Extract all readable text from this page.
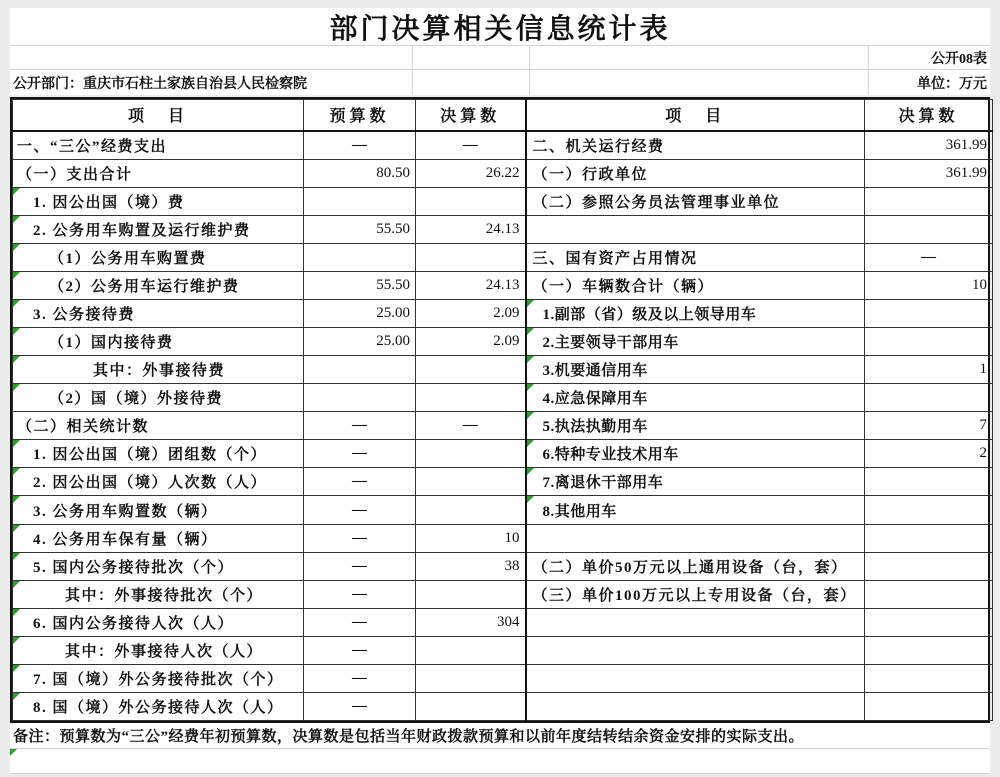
部门决算相关信息统计表
公开08表
公开部门：重庆市石柱土家族自治县人民检察院	单位：万元
项　目	预算数	决算数	项　目	决算数
一、“三公”经费支出	—	—	二、机关运行经费	361.99
（一）支出合计	80.50	26.22	（一）行政单位	361.99

1. 因公出国（境）费			（二）参照公务员法管理事业单位	

2. 公务用车购置及运行维护费	55.50	24.13		

（1）公务用车购置费			三、国有资产占用情况	—

（2）公务用车运行维护费	55.50	24.13	（一）车辆数合计（辆）	10

3. 公务接待费	25.00	2.09	1.副部（省）级及以上领导用车	

（1）国内接待费	25.00	2.09	2.主要领导干部用车	

其中：外事接待费			3.机要通信用车	1

（2）国（境）外接待费			4.应急保障用车	
（二）相关统计数	—	—	5.执法执勤用车	7

1. 因公出国（境）团组数（个）	—		6.特种专业技术用车	2

2. 因公出国（境）人次数（人）	—		7.离退休干部用车	

3. 公务用车购置数（辆）	—		8.其他用车	

4. 公务用车保有量（辆）	—	10		

5. 国内公务接待批次（个）	—	38	（二）单价50万元以上通用设备（台，套）	

其中：外事接待批次（个）	—		（三）单价100万元以上专用设备（台，套）	

6. 国内公务接待人次（人）	—	304		

其中：外事接待人次（人）	—			

7. 国（境）外公务接待批次（个）	—			

8. 国（境）外公务接待人次（人）	—			
备注：预算数为“三公”经费年初预算数，决算数是包括当年财政拨款预算和以前年度结转结余资金安排的实际支出。
